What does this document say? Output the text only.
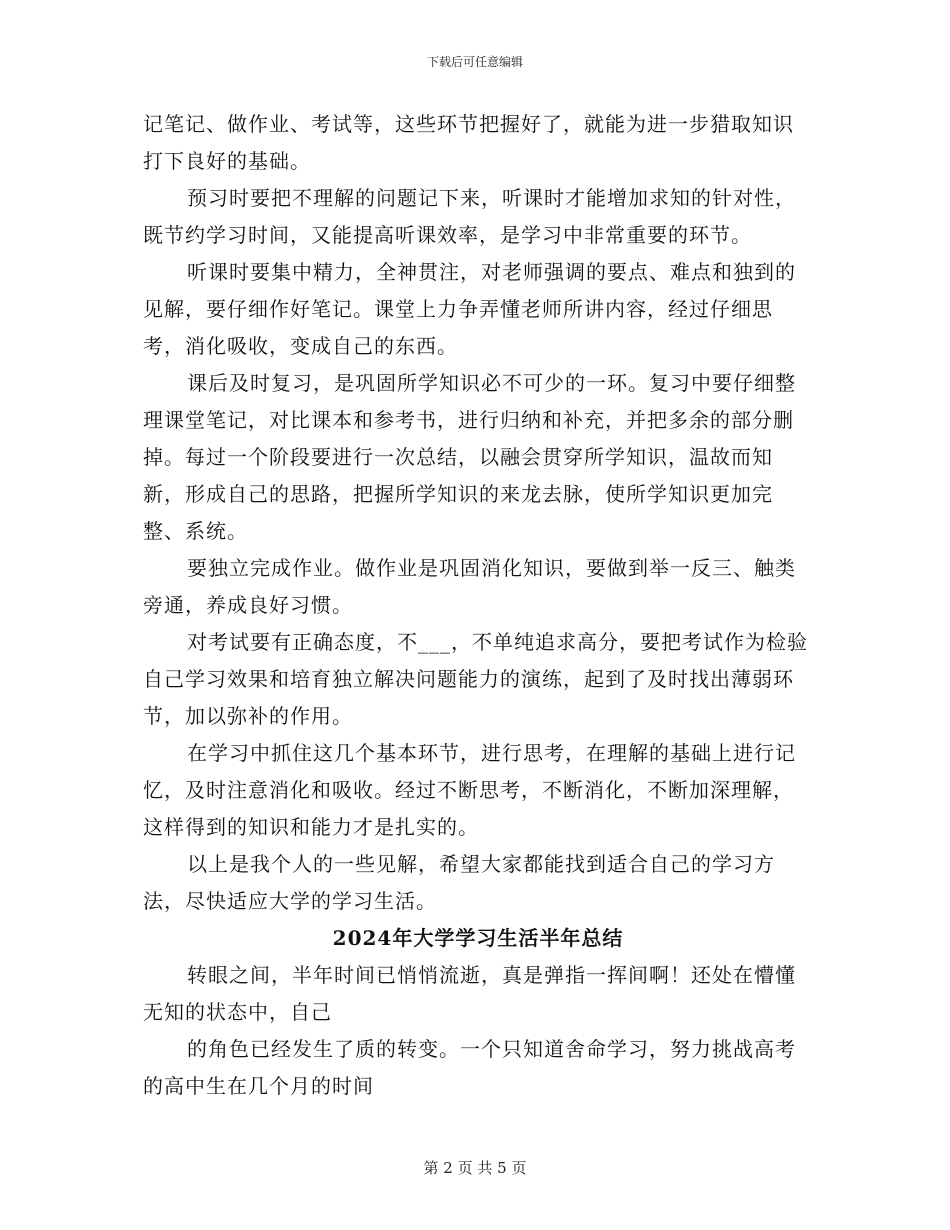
下载后可任意编辑

记笔记、做作业、考试等，这些环节把握好了，就能为进一步猎取知识打下良好的基础。

预习时要把不理解的问题记下来，听课时才能增加求知的针对性，既节约学习时间，又能提高听课效率，是学习中非常重要的环节。

听课时要集中精力，全神贯注，对老师强调的要点、难点和独到的见解，要仔细作好笔记。课堂上力争弄懂老师所讲内容，经过仔细思考，消化吸收，变成自己的东西。

课后及时复习，是巩固所学知识必不可少的一环。复习中要仔细整理课堂笔记，对比课本和参考书，进行归纳和补充，并把多余的部分删掉。每过一个阶段要进行一次总结，以融会贯穿所学知识，温故而知新，形成自己的思路，把握所学知识的来龙去脉，使所学知识更加完整、系统。

要独立完成作业。做作业是巩固消化知识，要做到举一反三、触类旁通，养成良好习惯。

对考试要有正确态度，不___，不单纯追求高分，要把考试作为检验自己学习效果和培育独立解决问题能力的演练，起到了及时找出薄弱环节，加以弥补的作用。

在学习中抓住这几个基本环节，进行思考，在理解的基础上进行记忆，及时注意消化和吸收。经过不断思考，不断消化，不断加深理解，这样得到的知识和能力才是扎实的。

以上是我个人的一些见解，希望大家都能找到适合自己的学习方法，尽快适应大学的学习生活。

2024年大学学习生活半年总结

转眼之间，半年时间已悄悄流逝，真是弹指一挥间啊！还处在懵懂无知的状态中，自己

的角色已经发生了质的转变。一个只知道舍命学习，努力挑战高考的高中生在几个月的时间

第 2 页 共 5 页
